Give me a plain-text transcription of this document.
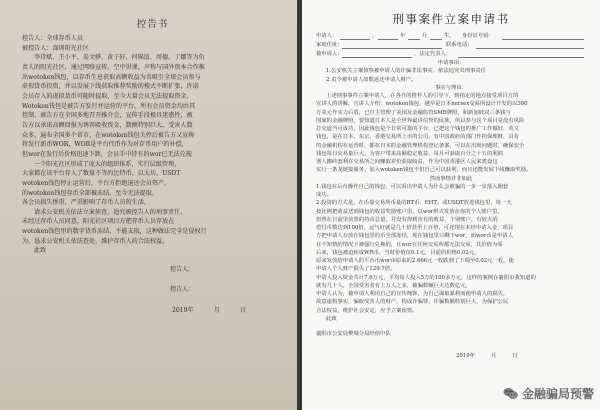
控告书
控告人：全球存币人员
被控告人：深圳阳光社区
李诗斌、王小平、姜文骅、黄子轩、何锦谊、周德、丁娜等为负
责人的阳光社区，通过网络宣传、空中讲课，声称与国外资本合作推
出wotoken钱包，以存币生息获取高额收益为名吸引全球会员参与
虚拟货币投资，并以发展下线获取推荐奖励的模式不断扩张，许诺
会员存入的虚拟货币可随时提取，至今大量会员无法提取资金，
Wotoken钱包是被告方发行并运营的平台，所有会员资金均由其
控制，被告方在全国多地召开推介会，宣传手段极具迷惑性，被
告方以承诺高额回报为诱饵吸收资金，数额特别巨大，受害人数
众多，遍布全国多个省市，在wotoken钱包关停后被告方又宣称
将发行新币WOR，WOR是平台代币作为对存币用户的补偿，
但wor在发行后价格迅速下跌，会员手中持有的wor已无法兑现
一个阳光社区形成了庞大的组织体系，实行层级管理，
大家都在该平台存入了数量不等的比特币、以太坊、USDT
wotoken钱包停止运营后，平台方拒绝退还会员资产，
的wotoken钱包存币全部被冻结，至今无法提取，
各会员损失惨重，严重影响了存币人员的生活，
请求公安机关依法立案侦查，追究被控告人的刑事责任，
未经过存币人员同意，阳光社区项目方把存币人员存放在
wotoken钱包里的数字货币冻结，不能支取，这种做法完全是侵权行
为，恳求公安机关依法查处，维护存币人的合法权益。
此致
控告人：
控告人：
2019年	月	日
刑事案件立案申请书
申请人：	，	年	月	生， 身份证号码：
家庭住址：	联系电话：
被申请人：	，法定代表人：
申请事项：
1.公安机关立案侦察被申请人的诈骗非法事实，依法追究其刑事责任
2.责令被申请人如数返还申请人财产。
事实与理由：
上述刑事事件立案申请人，在各自的推荐人的引导下，到指定的地点接受项目方的
宣讲人的讲解，宣讲人介绍：wotoken钱包，越早是日本nersex交易所设计开发的以300
万美元作实力后盾，已自主管理了美国及金融监管SMB牌照，和新加坡双三条钱与
国家的金融牌照，要知道日本人是全世界最讲信誉的民族，所以参与这个项目是没有风险
打交道当可成功，因此钱包是个非常可靠的平台，已把这个钱包的推广工作做好，英文
钱包，是在日本、东京、香港交易所上市的公司，有中国政府的部门作担保理财，具有
的金融机构在运营时，都在日本的金融管理机构登记备案，可以在出现问题时，确保安全
钱包每日交易量巨大，为客户带来高额稳定收益，每月可获取百分之十五的利润
器人搬砖套利在交易所之间赚取差价获取收益，作为中国香港区人民来建设这
实行一条龙链接服务，加入wotoken钱包不但自己可以获利，而且还能发展下线赚取奖励。
然而事情并非如此
1.钱包在后台操作自己的钱包，可以看出申请人为什么会被骗的一步一步落入圈套
成功。
2.投资的方式是，在币量交易所币量的BT币、EHT、或USDT放进钱包里，每一天
按比例把收益送到钱包的收益奖励账户里，以wor形式发放在你的个人账户里。
但曾在日前里放置的持币总量，并没有得到应有的收益，个别账户，有较大的
偿付币数达到100倍，运气好就是几十倍甚至上百倍，可还现在未经申请入金，项目
方把申请人存放在钱包里的币全部冻结，现在钱包里只剩下wor，而wor币是申请人
在不知情的情况下被强行兑换的，且wor在任何交易所都无法交易，其价值为零
后来，钱包被迫转成WR币，当时价值仅0.1元，目前的价格0.02元，
原来发放给申请人的平台币wor由原来的2.666元一枚跌到了下调至0.02元一枚，使
申请人个人财产损失了129.7倍。
申请人投入资金共计7.6万元，平均每人投入5万的100多万元，这样的案例在襄阳市我知道的
就有几十人，全国受害者有上万人之多，被骗数额巨大达数亿元，
申请人认为，被申请人利用自己的宣传掩饰，为自己谋取暴利而使申请人的损失，
故意虚构事实，骗取受害人的财产，构成诈骗罪，诈骗数额特别巨大，为保护公民
合法权益，维护社会安定，应予立案侦察。
此致
襄阳市公安局樊城分局经侦中队
2019年	月	日
金融骗局预警
